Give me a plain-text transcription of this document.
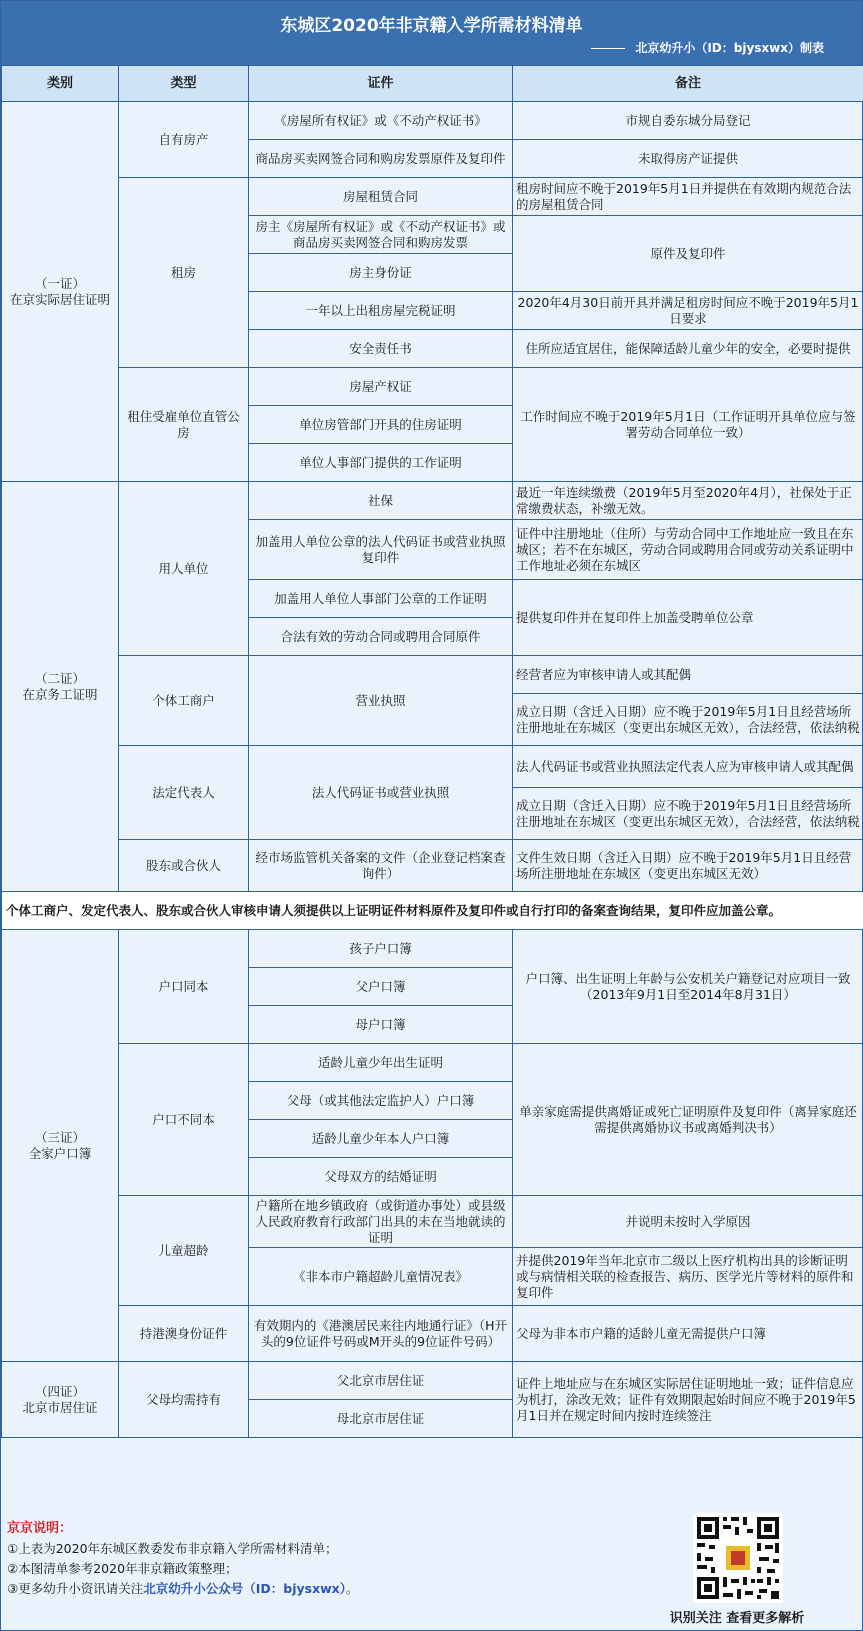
东城区2020年非京籍入学所需材料清单
北京幼升小（ID：bjysxwx）制表
类别	类型	证件	备注
（一证）
在京实际居住证明	自有房产	《房屋所有权证》或《不动产权证书》	市规自委东城分局登记
		商品房买卖网签合同和购房发票原件及复印件	未取得房产证提供
	租房	房屋租赁合同	租房时间应不晚于2019年5月1日并提供在有效期内规范合法的房屋租赁合同
		房主《房屋所有权证》或《不动产权证书》或商品房买卖网签合同和购房发票	原件及复印件
		房主身份证	
		一年以上出租房屋完税证明	2020年4月30日前开具并满足租房时间应不晚于2019年5月1日要求
		安全责任书	住所应适宜居住，能保障适龄儿童少年的安全，必要时提供
	租住受雇单位直管公房	房屋产权证	工作时间应不晚于2019年5月1日（工作证明开具单位应与签署劳动合同单位一致）
		单位房管部门开具的住房证明	
		单位人事部门提供的工作证明	

（二证）
在京务工证明	用人单位	社保	最近一年连续缴费（2019年5月至2020年4月），社保处于正常缴费状态，补缴无效。
		加盖用人单位公章的法人代码证书或营业执照复印件	证件中注册地址（住所）与劳动合同中工作地址应一致且在东城区；若不在东城区，劳动合同或聘用合同或劳动关系证明中工作地址必须在东城区
		加盖用人单位人事部门公章的工作证明	提供复印件并在复印件上加盖受聘单位公章
		合法有效的劳动合同或聘用合同原件	
	个体工商户	营业执照	经营者应为审核申请人或其配偶
			成立日期（含迁入日期）应不晚于2019年5月1日且经营场所注册地址在东城区（变更出东城区无效），合法经营，依法纳税
	法定代表人	法人代码证书或营业执照	法人代码证书或营业执照法定代表人应为审核申请人或其配偶
			成立日期（含迁入日期）应不晚于2019年5月1日且经营场所注册地址在东城区（变更出东城区无效），合法经营，依法纳税
	股东或合伙人	经市场监管机关备案的文件（企业登记档案查询件）	文件生效日期（含迁入日期）应不晚于2019年5月1日且经营场所注册地址在东城区（变更出东城区无效）
个体工商户、发定代表人、股东或合伙人审核申请人须提供以上证明证件材料原件及复印件或自行打印的备案查询结果，复印件应加盖公章。			
（三证）
全家户口簿	户口同本	孩子户口簿	户口簿、出生证明上年龄与公安机关户籍登记对应项目一致（2013年9月1日至2014年8月31日）
		父户口簿	
		母户口簿	
	户口不同本	适龄儿童少年出生证明	单亲家庭需提供离婚证或死亡证明原件及复印件（离异家庭还需提供离婚协议书或离婚判决书）
		父母（或其他法定监护人）户口簿	
		适龄儿童少年本人户口簿	
		父母双方的结婚证明	
	儿童超龄	户籍所在地乡镇政府（或街道办事处）或县级人民政府教育行政部门出具的未在当地就读的证明	并说明未按时入学原因
		《非本市户籍超龄儿童情况表》	并提供2019年当年北京市二级以上医疗机构出具的诊断证明或与病情相关联的检查报告、病历、医学光片等材料的原件和复印件
	持港澳身份证件	有效期内的《港澳居民来往内地通行证》（H开头的9位证件号码或M开头的9位证件号码）	父母为非本市户籍的适龄儿童无需提供户口簿

（四证）
北京市居住证	父母均需持有	父北京市居住证	证件上地址应与在东城区实际居住证明地址一致；证件信息应为机打，涂改无效；证件有效期限起始时间应不晚于2019年5月1日并在规定时间内按时连续签注
		母北京市居住证	
京京说明：
①上表为2020年东城区教委发布非京籍入学所需材料清单；
②本图清单参考2020年非京籍政策整理；
③更多幼升小资讯请关注北京幼升小公众号（ID：bjysxwx）。
识别关注 查看更多解析
